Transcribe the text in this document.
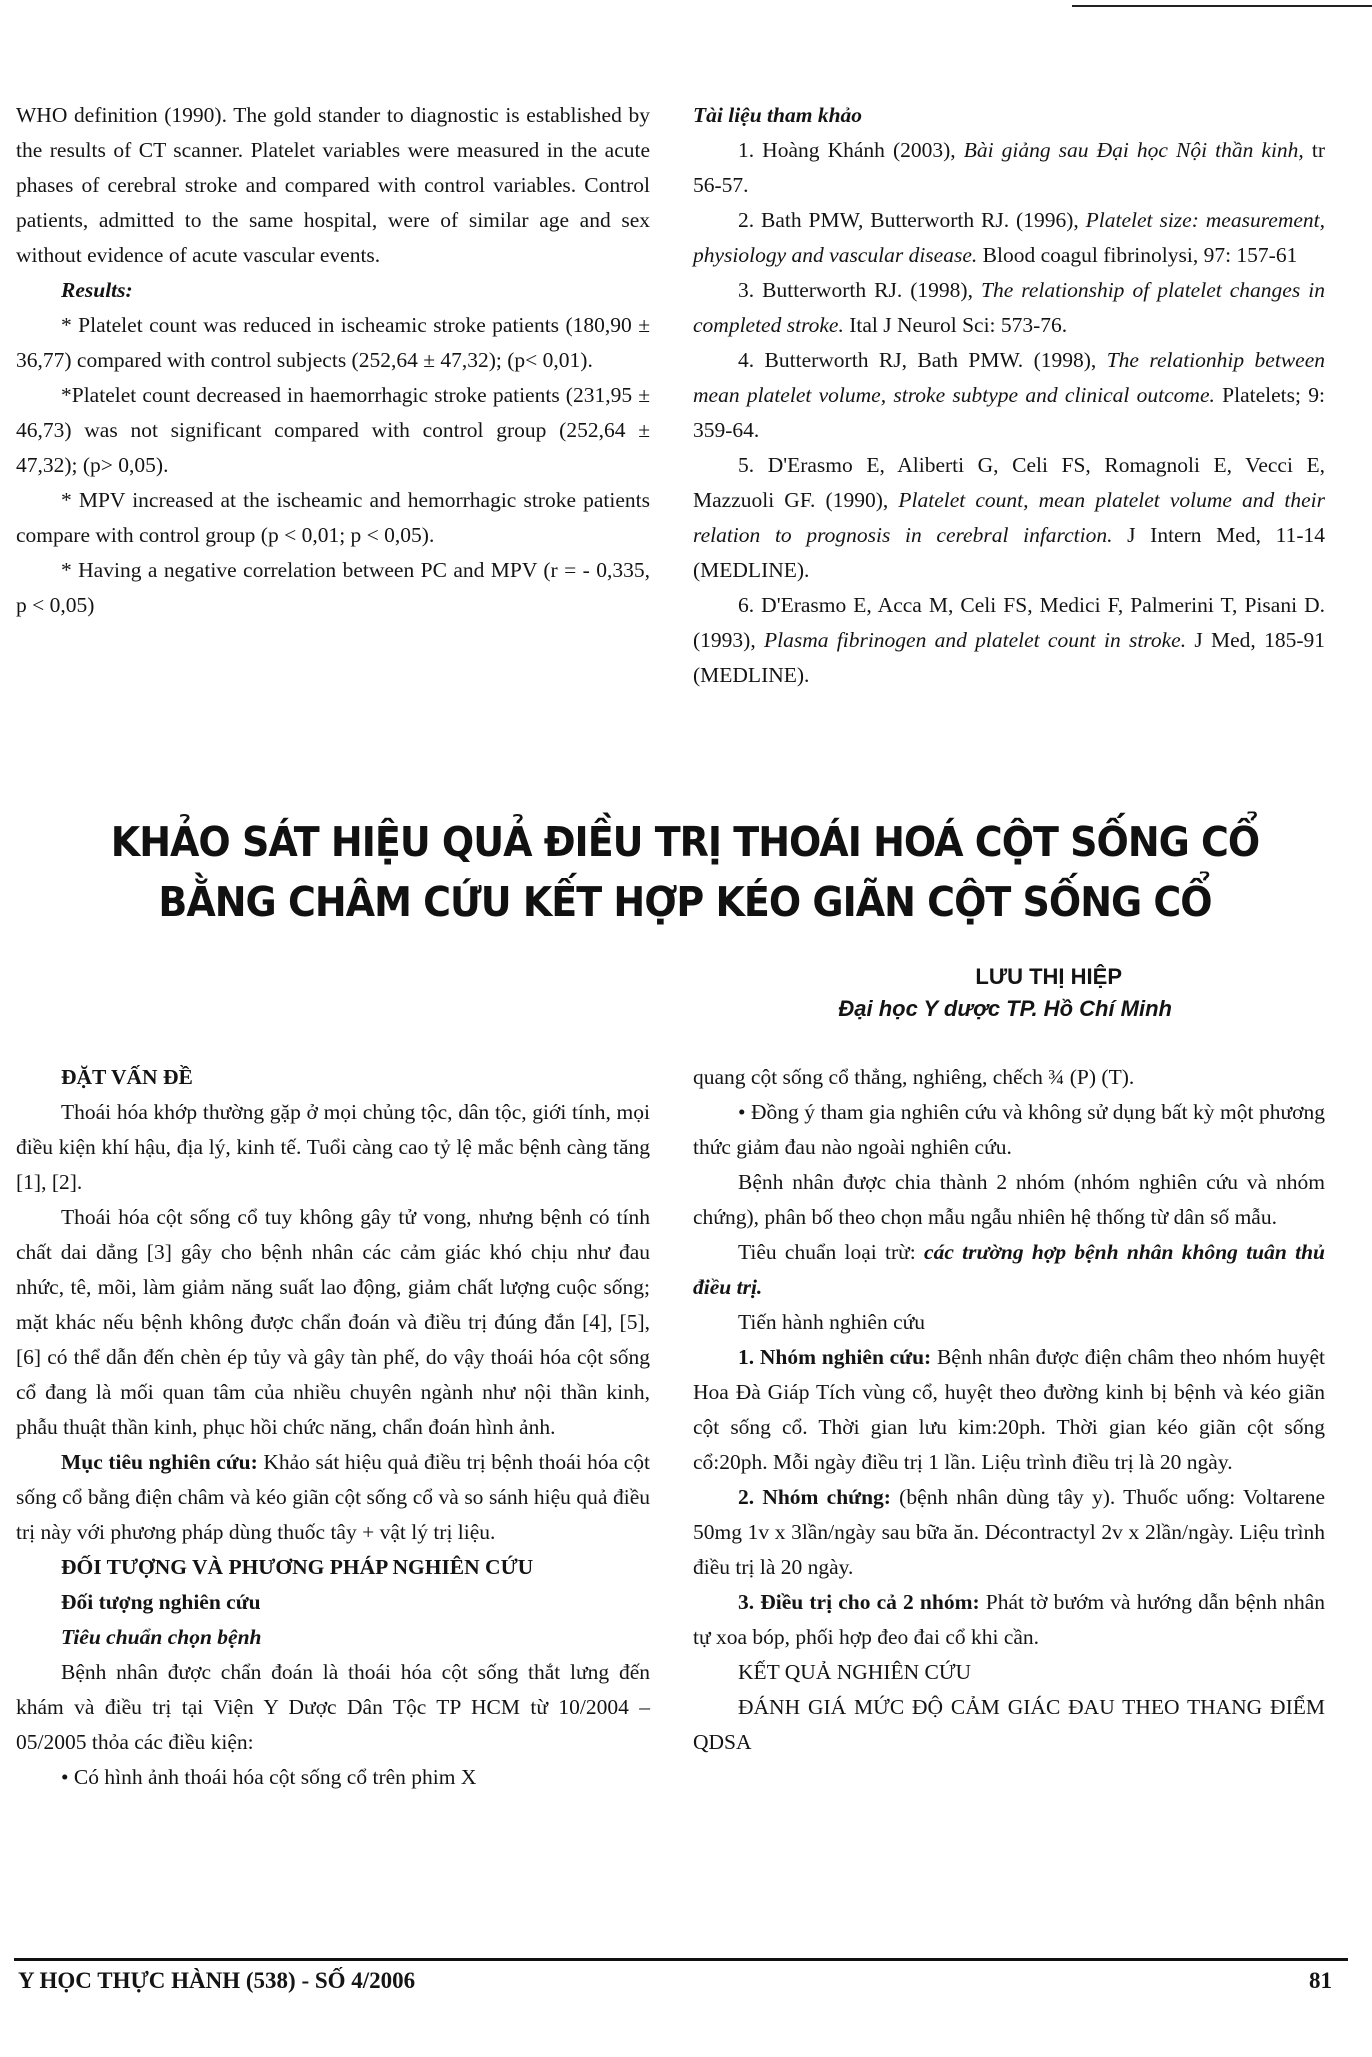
WHO definition (1990). The gold stander to diagnostic is established by the results of CT scanner. Platelet variables were measured in the acute phases of cerebral stroke and compared with control variables. Control patients, admitted to the same hospital, were of similar age and sex without evidence of acute vascular events.

Results:

* Platelet count was reduced in ischeamic stroke patients (180,90 ± 36,77) compared with control subjects (252,64 ± 47,32); (p< 0,01).

*Platelet count decreased in haemorrhagic stroke patients (231,95 ± 46,73) was not significant compared with control group (252,64 ± 47,32); (p> 0,05).

* MPV increased at the ischeamic and hemorrhagic stroke patients compare with control group (p < 0,01; p < 0,05).

* Having a negative correlation between PC and MPV (r = - 0,335, p < 0,05)

Tài liệu tham khảo

1. Hoàng Khánh (2003), Bài giảng sau Đại học Nội thần kinh, tr 56-57.

2. Bath PMW, Butterworth RJ. (1996), Platelet size: measurement, physiology and vascular disease. Blood coagul fibrinolysi, 97: 157-61

3. Butterworth RJ. (1998), The relationship of platelet changes in completed stroke. Ital J Neurol Sci: 573-76.

4. Butterworth RJ, Bath PMW. (1998), The relationhip between mean platelet volume, stroke subtype and clinical outcome. Platelets; 9: 359-64.

5. D'Erasmo E, Aliberti G, Celi FS, Romagnoli E, Vecci E, Mazzuoli GF. (1990), Platelet count, mean platelet volume and their relation to prognosis in cerebral infarction. J Intern Med, 11-14 (MEDLINE).

6. D'Erasmo E, Acca M, Celi FS, Medici F, Palmerini T, Pisani D. (1993), Plasma fibrinogen and platelet count in stroke. J Med, 185-91 (MEDLINE).

KHẢO SÁT HIỆU QUẢ ĐIỀU TRỊ THOÁI HOÁ CỘT SỐNG CỔ
BẰNG CHÂM CỨU KẾT HỢP KÉO GIÃN CỘT SỐNG CỔ
LƯU THỊ HIỆP
Đại học Y dược TP. Hồ Chí Minh

ĐẶT VẤN ĐỀ

Thoái hóa khớp thường gặp ở mọi chủng tộc, dân tộc, giới tính, mọi điều kiện khí hậu, địa lý, kinh tế. Tuổi càng cao tỷ lệ mắc bệnh càng tăng [1], [2].

Thoái hóa cột sống cổ tuy không gây tử vong, nhưng bệnh có tính chất dai dẳng [3] gây cho bệnh nhân các cảm giác khó chịu như đau nhức, tê, mõi, làm giảm năng suất lao động, giảm chất lượng cuộc sống; mặt khác nếu bệnh không được chẩn đoán và điều trị đúng đắn [4], [5], [6] có thể dẫn đến chèn ép tủy và gây tàn phế, do vậy thoái hóa cột sống cổ đang là mối quan tâm của nhiều chuyên ngành như nội thần kinh, phẫu thuật thần kinh, phục hồi chức năng, chẩn đoán hình ảnh.

Mục tiêu nghiên cứu: Khảo sát hiệu quả điều trị bệnh thoái hóa cột sống cổ bằng điện châm và kéo giãn cột sống cổ và so sánh hiệu quả điều trị này với phương pháp dùng thuốc tây + vật lý trị liệu.

ĐỐI TƯỢNG VÀ PHƯƠNG PHÁP NGHIÊN CỨU

Đối tượng nghiên cứu

Tiêu chuẩn chọn bệnh

Bệnh nhân được chẩn đoán là thoái hóa cột sống thắt lưng đến khám và điều trị tại Viện Y Dược Dân Tộc TP HCM từ 10/2004 – 05/2005 thỏa các điều kiện:

• Có hình ảnh thoái hóa cột sống cổ trên phim X

quang cột sống cổ thẳng, nghiêng, chếch ¾ (P) (T).

• Đồng ý tham gia nghiên cứu và không sử dụng bất kỳ một phương thức giảm đau nào ngoài nghiên cứu.

Bệnh nhân được chia thành 2 nhóm (nhóm nghiên cứu và nhóm chứng), phân bố theo chọn mẫu ngẫu nhiên hệ thống từ dân số mẫu.

Tiêu chuẩn loại trừ: các trường hợp bệnh nhân không tuân thủ điều trị.

Tiến hành nghiên cứu

1. Nhóm nghiên cứu: Bệnh nhân được điện châm theo nhóm huyệt Hoa Đà Giáp Tích vùng cổ, huyệt theo đường kinh bị bệnh và kéo giãn cột sống cổ. Thời gian lưu kim:20ph. Thời gian kéo giãn cột sống cổ:20ph. Mỗi ngày điều trị 1 lần. Liệu trình điều trị là 20 ngày.

2. Nhóm chứng: (bệnh nhân dùng tây y). Thuốc uống: Voltarene 50mg 1v x 3lần/ngày sau bữa ăn. Décontractyl 2v x 2lần/ngày. Liệu trình điều trị là 20 ngày.

3. Điều trị cho cả 2 nhóm: Phát tờ bướm và hướng dẫn bệnh nhân tự xoa bóp, phối hợp đeo đai cổ khi cần.

KẾT QUẢ NGHIÊN CỨU

ĐÁNH GIÁ MỨC ĐỘ CẢM GIÁC ĐAU THEO THANG ĐIỂM QDSA

Y HỌC THỰC HÀNH (538) - SỐ 4/2006	81
